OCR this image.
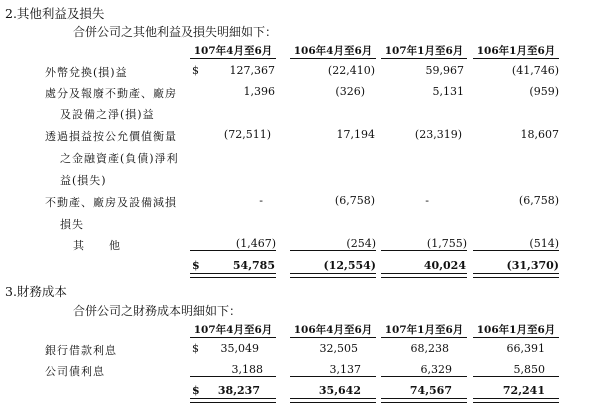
2.其他利益及損失
合併公司之其他利益及損失明細如下：
107年4月至6月	106年4月至6月	107年1月至6月	106年1月至6月
外幣兌換(損)益	$	127,367	(22,410)	59,967	(41,746)
處分及報廢不動產、廠房
及設備之淨(損)益
1,396	(326)	5,131	(959)
透過損益按公允價值衡量
之金融資產(負債)淨利
益(損失)
(72,511)	17,194	(23,319)	18,607
不動產、廠房及設備減損
損失
-	(6,758)	-	(6,758)
其　　他	(1,467)	(254)	(1,755)	(514)
$	54,785	(12,554)	40,024	(31,370)
3.財務成本
合併公司之財務成本明細如下：
107年4月至6月	106年4月至6月	107年1月至6月	106年1月至6月
銀行借款利息	$	35,049	32,505	68,238	66,391
公司債利息	3,188	3,137	6,329	5,850
$	38,237	35,642	74,567	72,241
